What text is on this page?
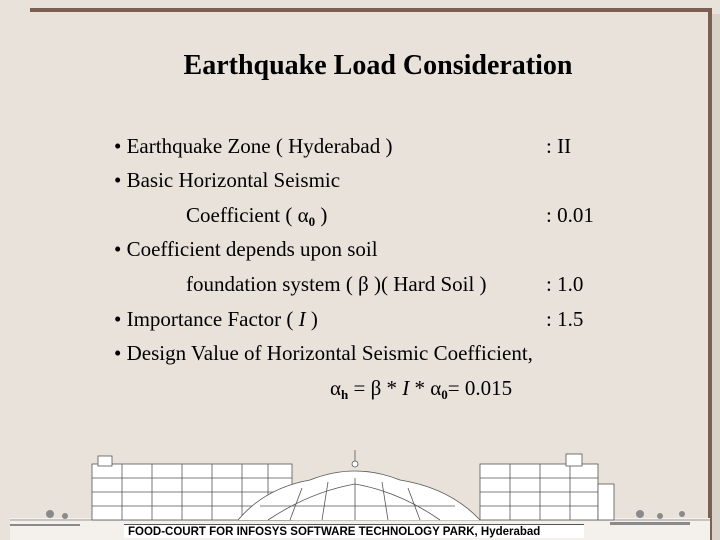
Earthquake Load Consideration
• Earthquake Zone ( Hyderabad )	: II
• Basic Horizontal Seismic
Coefficient ( $\alpha_0$ )	: 0.01
• Coefficient depends upon soil
foundation system ( β )( Hard Soil )	: 1.0
• Importance Factor ( I )	: 1.5
• Design Value of Horizontal Seismic Coefficient,
$\alpha_h = \beta * I * \alpha_0= 0.015$
FOOD-COURT FOR INFOSYS SOFTWARE TECHNOLOGY PARK, Hyderabad
